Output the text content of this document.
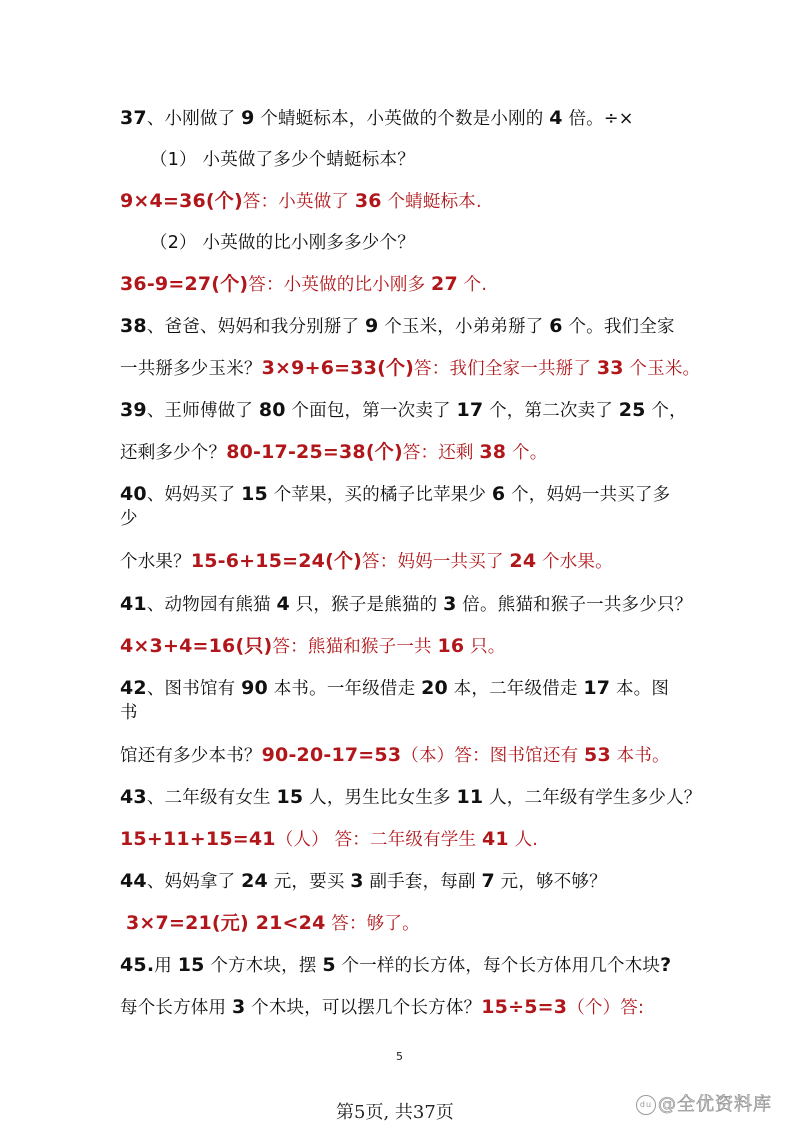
37、小刚做了 9 个蜻蜓标本，小英做的个数是小刚的 4 倍。÷×
（1） 小英做了多少个蜻蜓标本？
9×4=36(个)答：小英做了 36 个蜻蜓标本.
（2） 小英做的比小刚多多少个？
36-9=27(个)答：小英做的比小刚多 27 个.
38、爸爸、妈妈和我分别掰了 9 个玉米，小弟弟掰了 6 个。我们全家
一共掰多少玉米？3×9+6=33(个)答：我们全家一共掰了 33 个玉米。
39、王师傅做了 80 个面包，第一次卖了 17 个，第二次卖了 25 个，
还剩多少个？80-17-25=38(个)答：还剩 38 个。
40、妈妈买了 15 个苹果，买的橘子比苹果少 6 个，妈妈一共买了多
少
个水果？15-6+15=24(个)答：妈妈一共买了 24 个水果。
41、动物园有熊猫 4 只，猴子是熊猫的 3 倍。熊猫和猴子一共多少只？
4×3+4=16(只)答：熊猫和猴子一共 16 只。
42、图书馆有 90 本书。一年级借走 20 本，二年级借走 17 本。图
书
馆还有多少本书？90-20-17=53（本）答：图书馆还有 53 本书。
43、二年级有女生 15 人，男生比女生多 11 人，二年级有学生多少人？
15+11+15=41（人） 答：二年级有学生 41 人.
44、妈妈拿了 24 元，要买 3 副手套，每副 7 元，够不够？
3×7=21(元) 21<24 答：够了。
45.用 15 个方木块，摆 5 个一样的长方体，每个长方体用几个木块?
每个长方体用 3 个木块，可以摆几个长方体？15÷5=3（个）答:
5
第5页, 共37页	du @全优资料库
